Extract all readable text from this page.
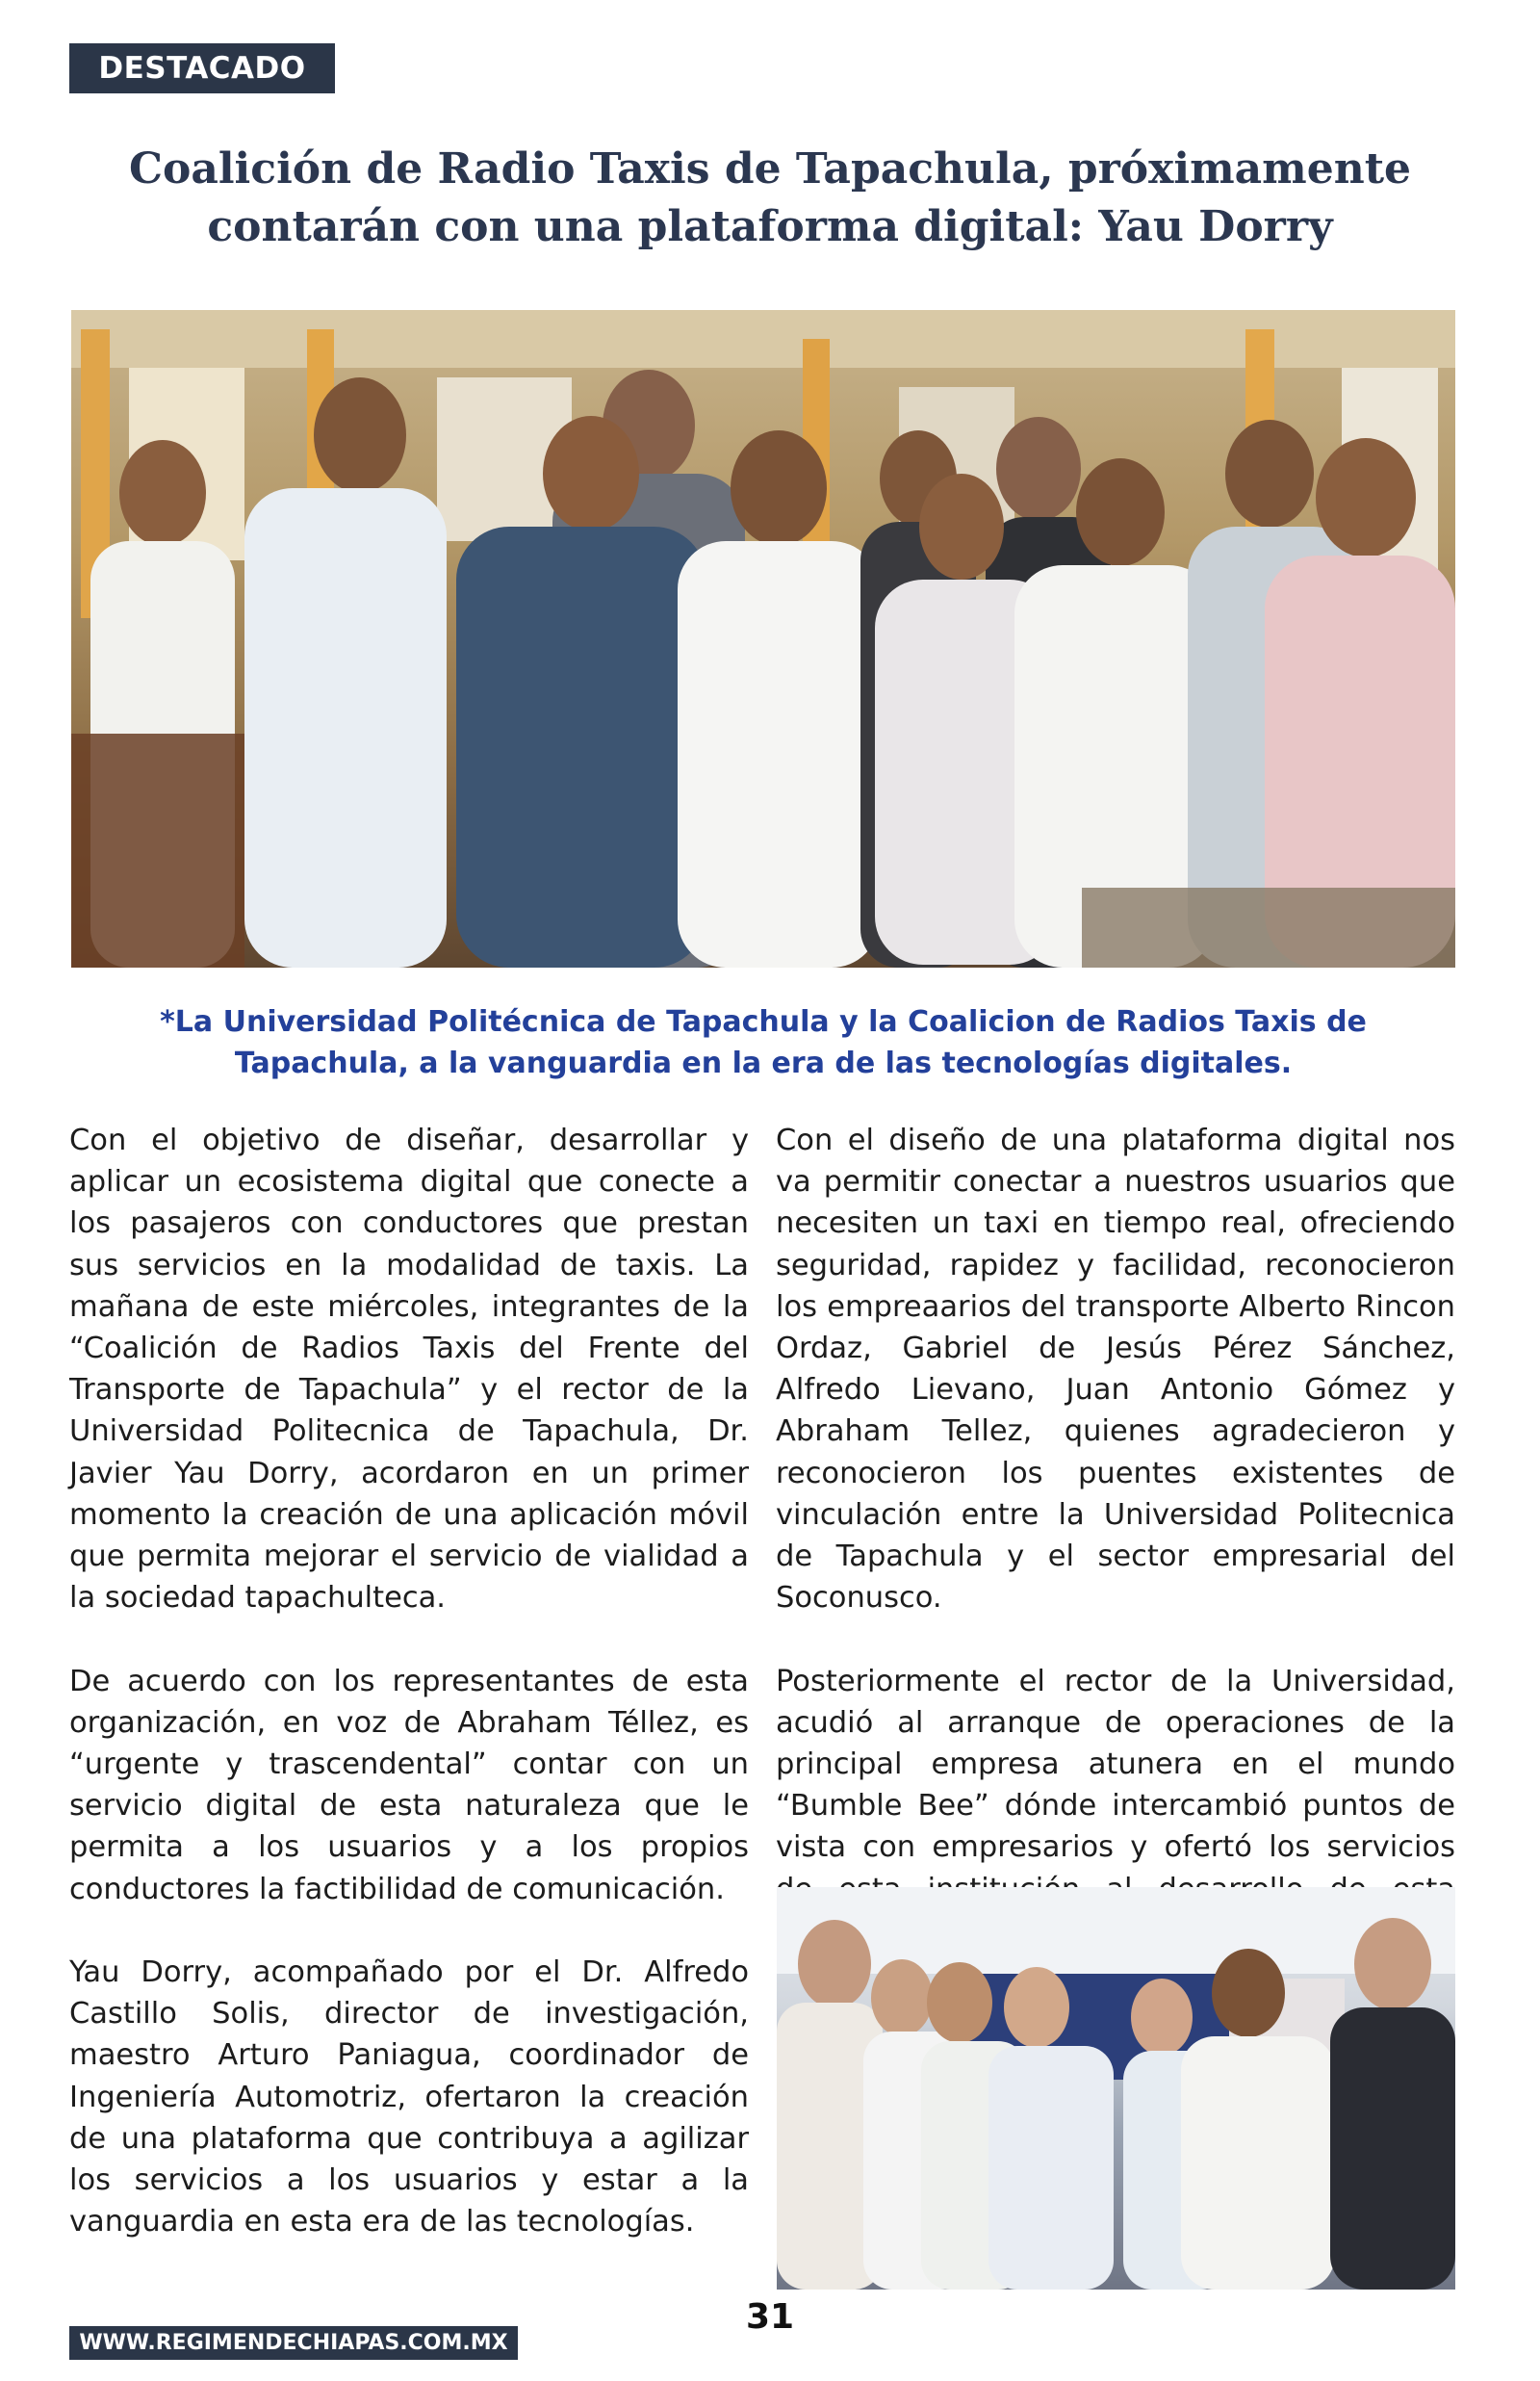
DESTACADO
Coalición de Radio Taxis de Tapachula, próximamente contarán con una plataforma digital: Yau Dorry

*La Universidad Politécnica de Tapachula y la Coalicion de Radios Taxis de Tapachula, a la vanguardia en la era de las tecnologías digitales.

Con el objetivo de diseñar, desarrollar y aplicar un ecosistema digital que conecte a los pasajeros con conductores que prestan sus servicios en la modalidad de taxis. La mañana de este miércoles, integrantes de la “Coalición de Radios Taxis del Frente del Transporte de Tapachula” y el rector de la Universidad Politecnica de Tapachula, Dr. Javier Yau Dorry, acordaron en un primer momento la creación de una aplicación móvil que permita mejorar el servicio de vialidad a la sociedad tapachulteca.

De acuerdo con los representantes de esta organización, en voz de Abraham Téllez, es “urgente y trascendental” contar con un servicio digital de esta naturaleza que le permita a los usuarios y a los propios conductores la factibilidad de comunicación.

Yau Dorry, acompañado por el Dr. Alfredo Castillo Solis, director de investigación, maestro Arturo Paniagua, coordinador de Ingeniería Automotriz, ofertaron la creación de una plataforma que contribuya a agilizar los servicios a los usuarios y estar a la vanguardia en esta era de las tecnologías.

Con el diseño de una plataforma digital nos va permitir conectar a nuestros usuarios que necesiten un taxi en tiempo real, ofreciendo seguridad, rapidez y facilidad, reconocieron los empreaarios del transporte Alberto Rincon Ordaz, Gabriel de Jesús Pérez Sánchez, Alfredo Lievano, Juan Antonio Gómez y Abraham Tellez, quienes agradecieron y reconocieron los puentes existentes de vinculación entre la Universidad Politecnica de Tapachula y el sector empresarial del Soconusco.

Posteriormente el rector de la Universidad, acudió al arranque de operaciones de la principal empresa atunera en el mundo “Bumble Bee” dónde intercambió puntos de vista con empresarios y ofertó los servicios

31
WWW.REGIMENDECHIAPAS.COM.MX
